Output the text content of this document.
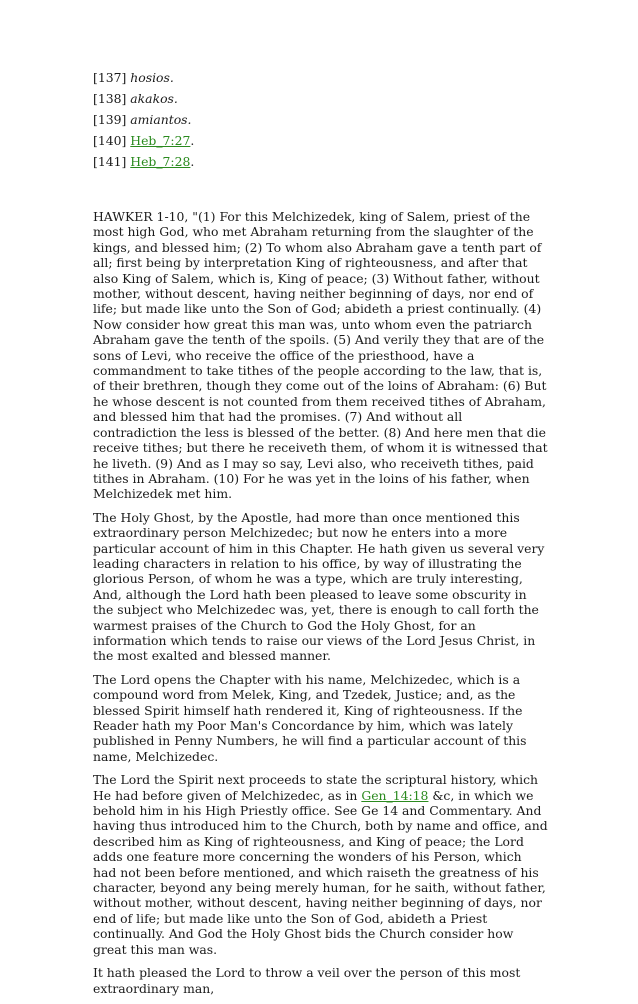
[137] hosios.
[138] akakos.
[139] amiantos.
[140] Heb_7:27.
[141] Heb_7:28.

HAWKER 1-10, "(1) For this Melchizedek, king of Salem, priest of the most high God, who met Abraham returning from the slaughter of the kings, and blessed him; (2) To whom also Abraham gave a tenth part of all; first being by interpretation King of righteousness, and after that also King of Salem, which is, King of peace; (3) Without father, without mother, without descent, having neither beginning of days, nor end of life; but made like unto the Son of God; abideth a priest continually. (4) Now consider how great this man was, unto whom even the patriarch Abraham gave the tenth of the spoils. (5) And verily they that are of the sons of Levi, who receive the office of the priesthood, have a commandment to take tithes of the people according to the law, that is, of their brethren, though they come out of the loins of Abraham: (6) But he whose descent is not counted from them received tithes of Abraham, and blessed him that had the promises. (7) And without all contradiction the less is blessed of the better. (8) And here men that die receive tithes; but there he receiveth them, of whom it is witnessed that he liveth. (9) And as I may so say, Levi also, who receiveth tithes, paid tithes in Abraham. (10) For he was yet in the loins of his father, when Melchizedek met him.

The Holy Ghost, by the Apostle, had more than once mentioned this extraordinary person Melchizedec; but now he enters into a more particular account of him in this Chapter. He hath given us several very leading characters in relation to his office, by way of illustrating the glorious Person, of whom he was a type, which are truly interesting, And, although the Lord hath been pleased to leave some obscurity in the subject who Melchizedec was, yet, there is enough to call forth the warmest praises of the Church to God the Holy Ghost, for an information which tends to raise our views of the Lord Jesus Christ, in the most exalted and blessed manner.

The Lord opens the Chapter with his name, Melchizedec, which is a compound word from Melek, King, and Tzedek, Justice; and, as the blessed Spirit himself hath rendered it, King of righteousness. If the Reader hath my Poor Man's Concordance by him, which was lately published in Penny Numbers, he will find a particular account of this name, Melchizedec.

The Lord the Spirit next proceeds to state the scriptural history, which He had before given of Melchizedec, as in Gen_14:18 &c, in which we behold him in his High Priestly office. See Ge 14 and Commentary. And having thus introduced him to the Church, both by name and office, and described him as King of righteousness, and King of peace; the Lord adds one feature more concerning the wonders of his Person, which had not been before mentioned, and which raiseth the greatness of his character, beyond any being merely human, for he saith, without father, without mother, without descent, having neither beginning of days, nor end of life; but made like unto the Son of God, abideth a Priest continually. And God the Holy Ghost bids the Church consider how great this man was.

It hath pleased the Lord to throw a veil over the person of this most extraordinary man,
